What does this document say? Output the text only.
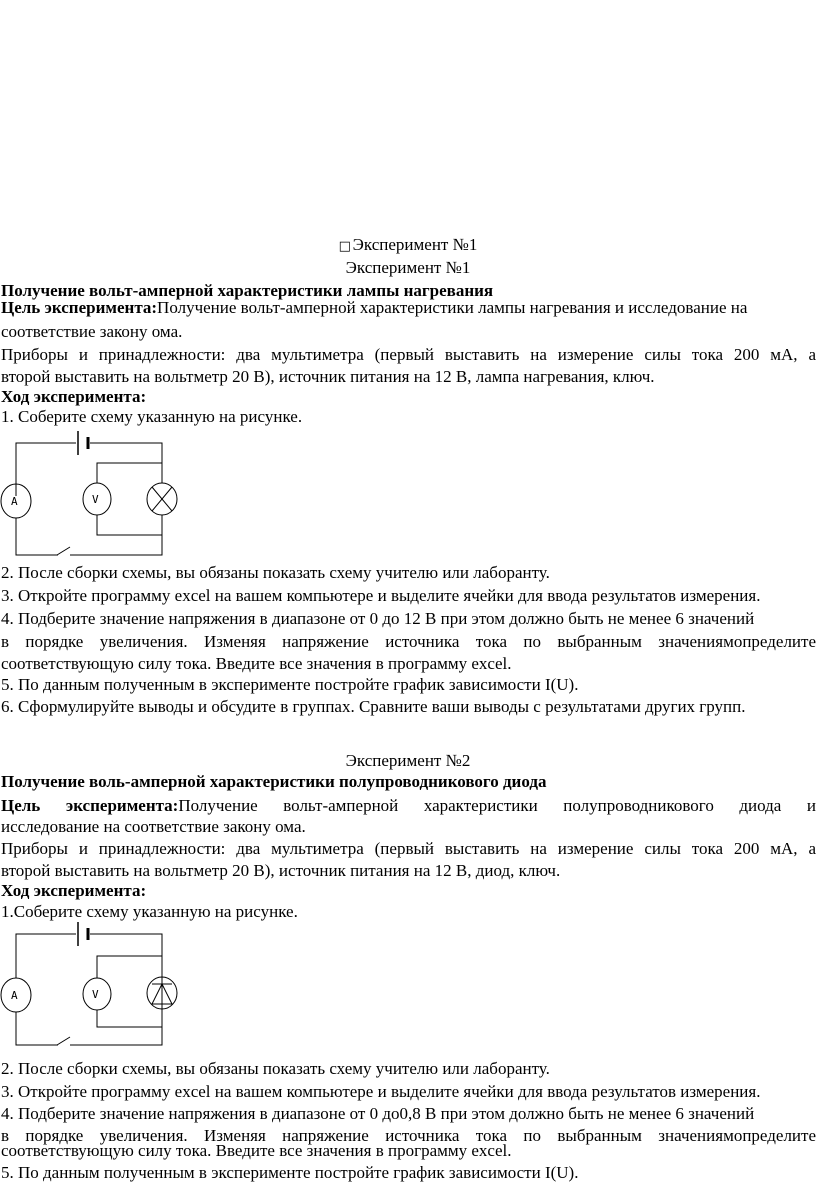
□ Эксперимент №1
Эксперимент №1
Получение вольт-амперной характеристики лампы нагревания
Цель эксперимента:Получение вольт-амперной характеристики лампы нагревания и исследование на
соответствие закону ома.
Приборы и принадлежности: два мультиметра (первый выставить на измерение силы тока 200 мА, а
второй выставить на вольтметр 20 В), источник питания на 12 В, лампа нагревания, ключ.
Ход эксперимента:
1. Соберите схему указанную на рисунке.
A	V
2. После сборки схемы, вы обязаны показать схему учителю или лаборанту.
3. Откройте программу excel на вашем компьютере и выделите ячейки для ввода результатов измерения.
4. Подберите значение напряжения в диапазоне от 0 до 12 В при этом должно быть не менее 6 значений
в порядке увеличения. Изменяя напряжение источника тока по выбранным значениямопределите
соответствующую силу тока. Введите все значения в программу excel.
5. По данным полученным в эксперименте постройте график зависимости I(U).
6. Сформулируйте выводы и обсудите в группах. Сравните ваши выводы с результатами других групп.
Эксперимент №2
Получение воль-амперной характеристики полупроводникового диода
Цель эксперимента:Получение вольт-амперной характеристики полупроводникового диода и
исследование на соответствие закону ома.
Приборы и принадлежности: два мультиметра (первый выставить на измерение силы тока 200 мА, а
второй выставить на вольтметр 20 В), источник питания на 12 В, диод, ключ.
Ход эксперимента:
1.Соберите схему указанную на рисунке.
A	V
2. После сборки схемы, вы обязаны показать схему учителю или лаборанту.
3. Откройте программу excel на вашем компьютере и выделите ячейки для ввода результатов измерения.
4. Подберите значение напряжения в диапазоне от 0 до0,8 В при этом должно быть не менее 6 значений
в порядке увеличения. Изменяя напряжение источника тока по выбранным значениямопределите
соответствующую силу тока. Введите все значения в программу excel.
5. По данным полученным в эксперименте постройте график зависимости I(U).
